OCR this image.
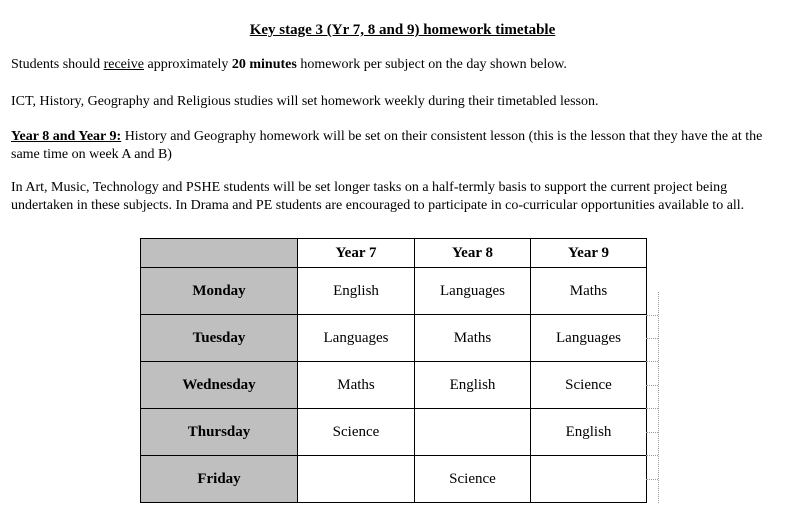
Key stage 3 (Yr 7, 8 and 9) homework timetable
Students should receive approximately 20 minutes homework per subject on the day shown below.
ICT, History, Geography and Religious studies will set homework weekly during their timetabled lesson.
Year 8 and Year 9: History and Geography homework will be set on their consistent lesson (this is the lesson that they have the at the same time on week A and B)
In Art, Music, Technology and PSHE students will be set longer tasks on a half-termly basis to support the current project being undertaken in these subjects. In Drama and PE students are encouraged to participate in co-curricular opportunities available to all.
	Year 7	Year 8	Year 9
Monday	English	Languages	Maths
Tuesday	Languages	Maths	Languages
Wednesday	Maths	English	Science
Thursday	Science		English
Friday		Science	
